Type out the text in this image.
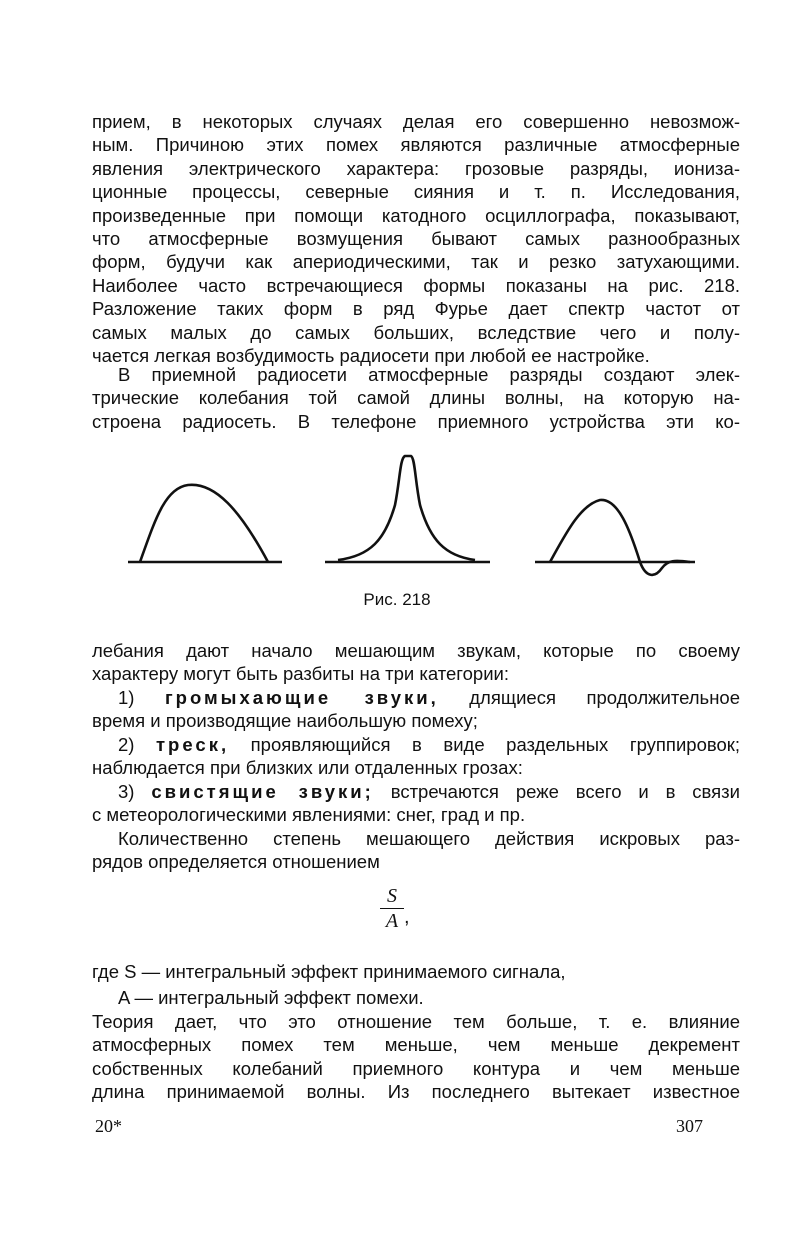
прием, в некоторых случаях делая его совершенно невозмож-
ным. Причиною этих помех являются различные атмосферные
явления электрического характера: грозовые разряды, иониза-
ционные процессы, северные сияния и т. п. Исследования,
произведенные при помощи катодного осциллографа, показывают,
что атмосферные возмущения бывают самых разнообразных
форм, будучи как апериодическими, так и резко затухающими.
Наиболее часто встречающиеся формы показаны на рис. 218.
Разложение таких форм в ряд Фурье дает спектр частот от
самых малых до самых больших, вследствие чего и полу-
чается легкая возбудимость радиосети при любой ее настройке.
В приемной радиосети атмосферные разряды создают элек-
трические колебания той самой длины волны, на которую на-
строена радиосеть. В телефоне приемного устройства эти ко-
лебания дают начало мешающим звукам, которые по своему
характеру могут быть разбиты на три категории:
1) громыхающие звуки, длящиеся продолжительное
время и производящие наибольшую помеху;
2) треск, проявляющийся в виде раздельных группировок;
наблюдается при близких или отдаленных грозах:
3) свистящие звуки; встречаются реже всего и в связи
с метеорологическими явлениями: снег, град и пр.
Количественно степень мешающего действия искровых раз-
рядов определяется отношением
где S — интегральный эффект принимаемого сигнала,
A — интегральный эффект помехи.
Теория дает, что это отношение тем больше, т. е. влияние
атмосферных помех тем меньше, чем меньше декремент
собственных колебаний приемного контура и чем меньше
длина принимаемой волны. Из последнего вытекает известное
Рис. 218
$\frac{S}{A}$ ,
20*	307
